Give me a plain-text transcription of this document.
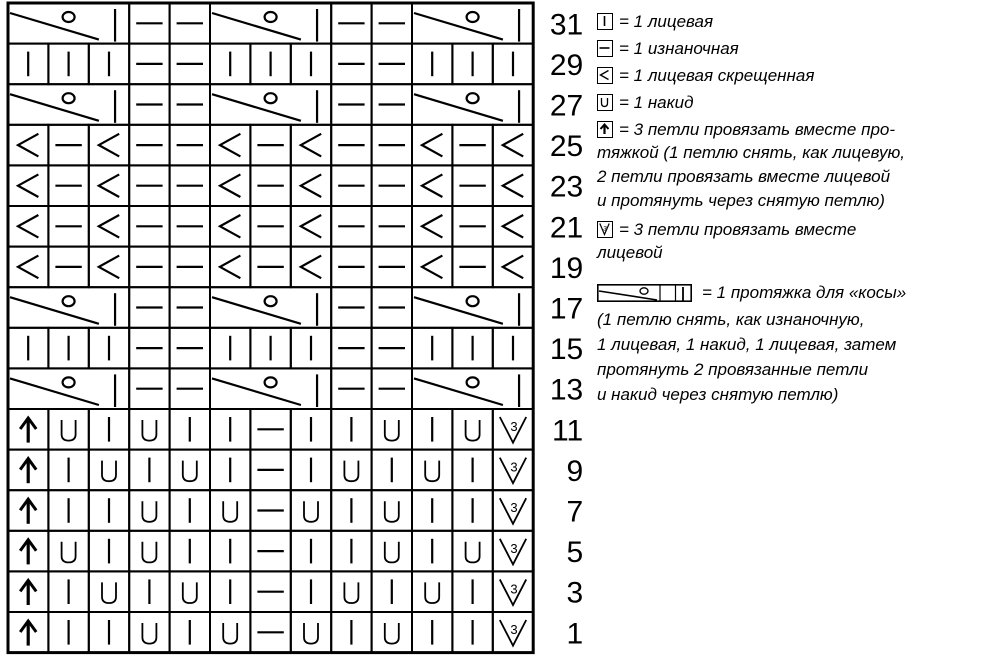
31
29
27
25
23
21
19
17
15
13
3 11
3 9
3 7
3 5
3 3
3 1
= 1 лицевая
= 1 изнаночная
= 1 лицевая скрещенная
= 1 накид
= 3 петли провязать вместе про-
тяжкой (1 петлю снять, как лицевую,
2 петли провязать вместе лицевой
и протянуть через снятую петлю)
3 = 3 петли провязать вместе
лицевой
= 1 протяжка для «косы»
(1 петлю снять, как изнаночную,
1 лицевая, 1 накид, 1 лицевая, затем
протянуть 2 провязанные петли
и накид через снятую петлю)
